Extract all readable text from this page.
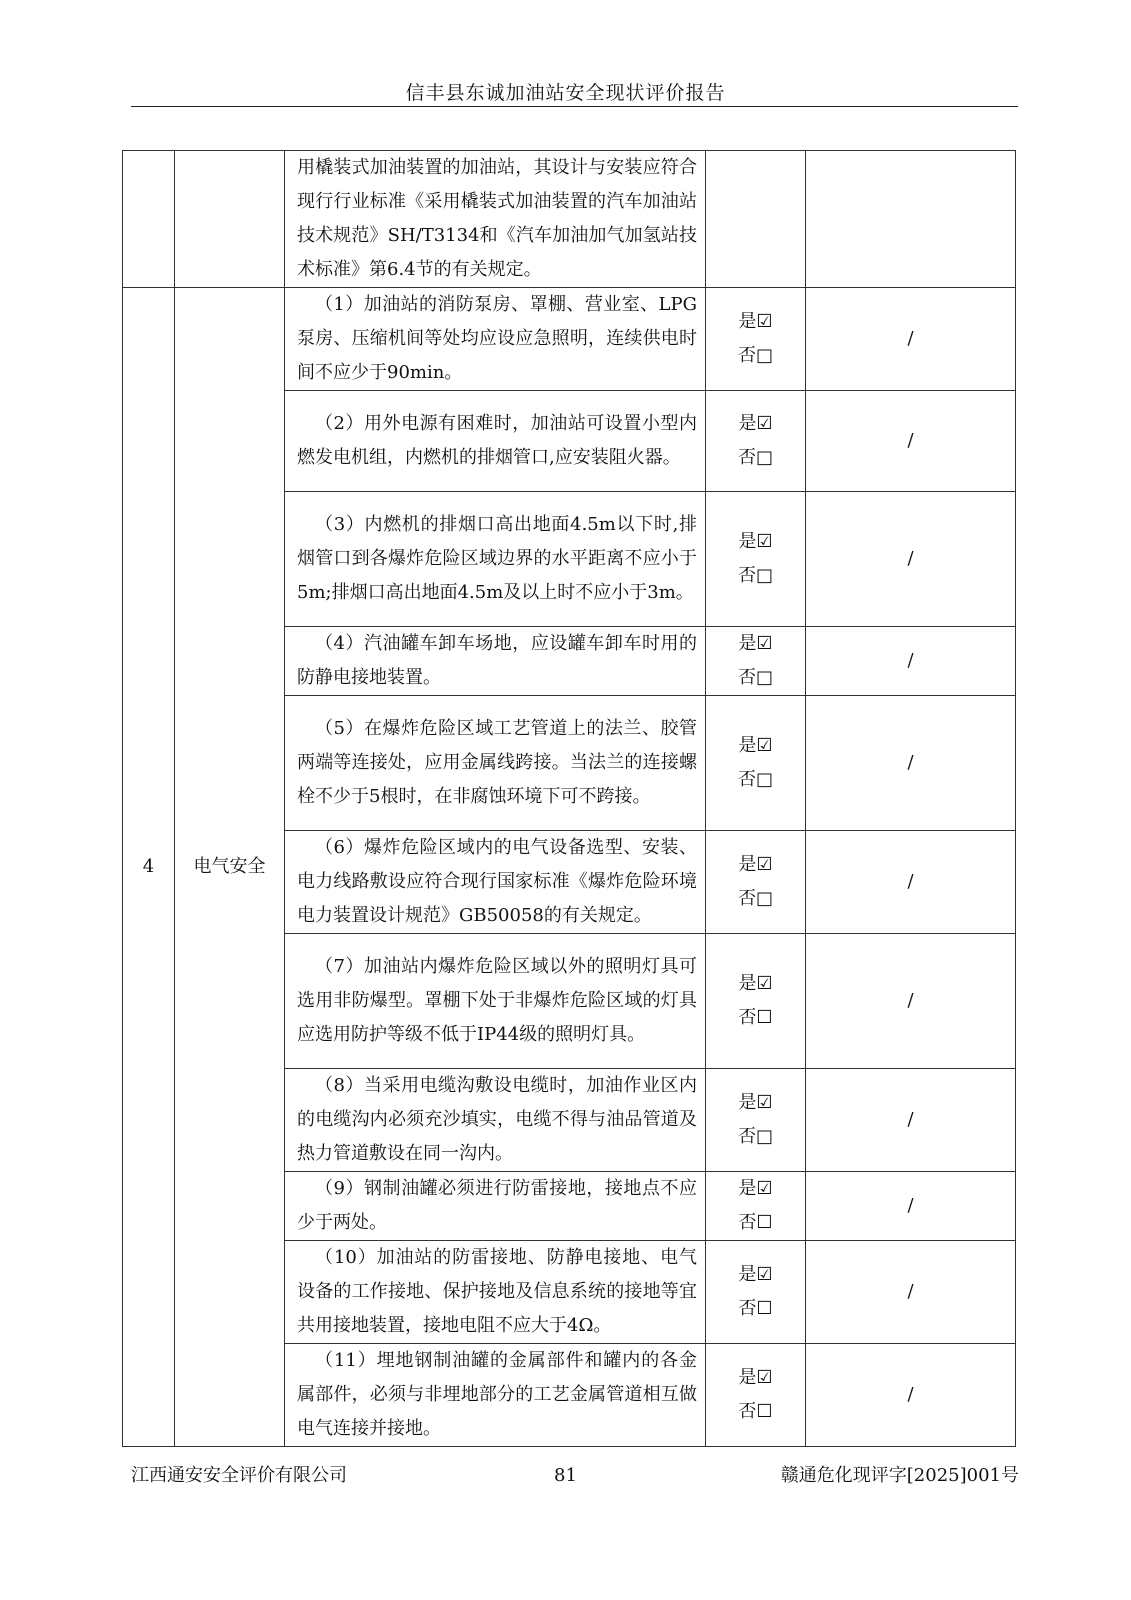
信丰县东诚加油站安全现状评价报告

		用橇装式加油装置的加油站，其设计与安装应符合现行行业标准《采用橇装式加油装置的汽车加油站技术规范》SH/T3134和《汽车加油加气加氢站技术标准》第6.4节的有关规定。		

4	电气安全	（1）加油站的消防泵房、罩棚、营业室、LPG泵房、压缩机间等处均应设应急照明，连续供电时间不应少于90min。	是☑
否□	/

		（2）用外电源有困难时，加油站可设置小型内燃发电机组，内燃机的排烟管口,应安装阻火器。	是☑
否□	/

		（3）内燃机的排烟口高出地面4.5m以下时,排烟管口到各爆炸危险区域边界的水平距离不应小于5m;排烟口高出地面4.5m及以上时不应小于3m。	是☑
否□	/

		（4）汽油罐车卸车场地，应设罐车卸车时用的防静电接地装置。	是☑
否□	/

		（5）在爆炸危险区域工艺管道上的法兰、胶管两端等连接处，应用金属线跨接。当法兰的连接螺栓不少于5根时，在非腐蚀环境下可不跨接。	是☑
否□	/

		（6）爆炸危险区域内的电气设备选型、安装、电力线路敷设应符合现行国家标准《爆炸危险环境电力装置设计规范》GB50058的有关规定。	是☑
否□	/

		（7）加油站内爆炸危险区域以外的照明灯具可选用非防爆型。罩棚下处于非爆炸危险区域的灯具应选用防护等级不低于IP44级的照明灯具。	是☑
否☐	/

		（8）当采用电缆沟敷设电缆时，加油作业区内的电缆沟内必须充沙填实，电缆不得与油品管道及热力管道敷设在同一沟内。	是☑
否□	/

		（9）钢制油罐必须进行防雷接地，接地点不应少于两处。	是☑
否☐	/

		（10）加油站的防雷接地、防静电接地、电气设备的工作接地、保护接地及信息系统的接地等宜共用接地装置，接地电阻不应大于4Ω。	是☑
否☐	/

		（11）埋地钢制油罐的金属部件和罐内的各金属部件，必须与非埋地部分的工艺金属管道相互做电气连接并接地。	是☑
否☐	/
江西通安安全评价有限公司	81	赣通危化现评字[2025]001号
